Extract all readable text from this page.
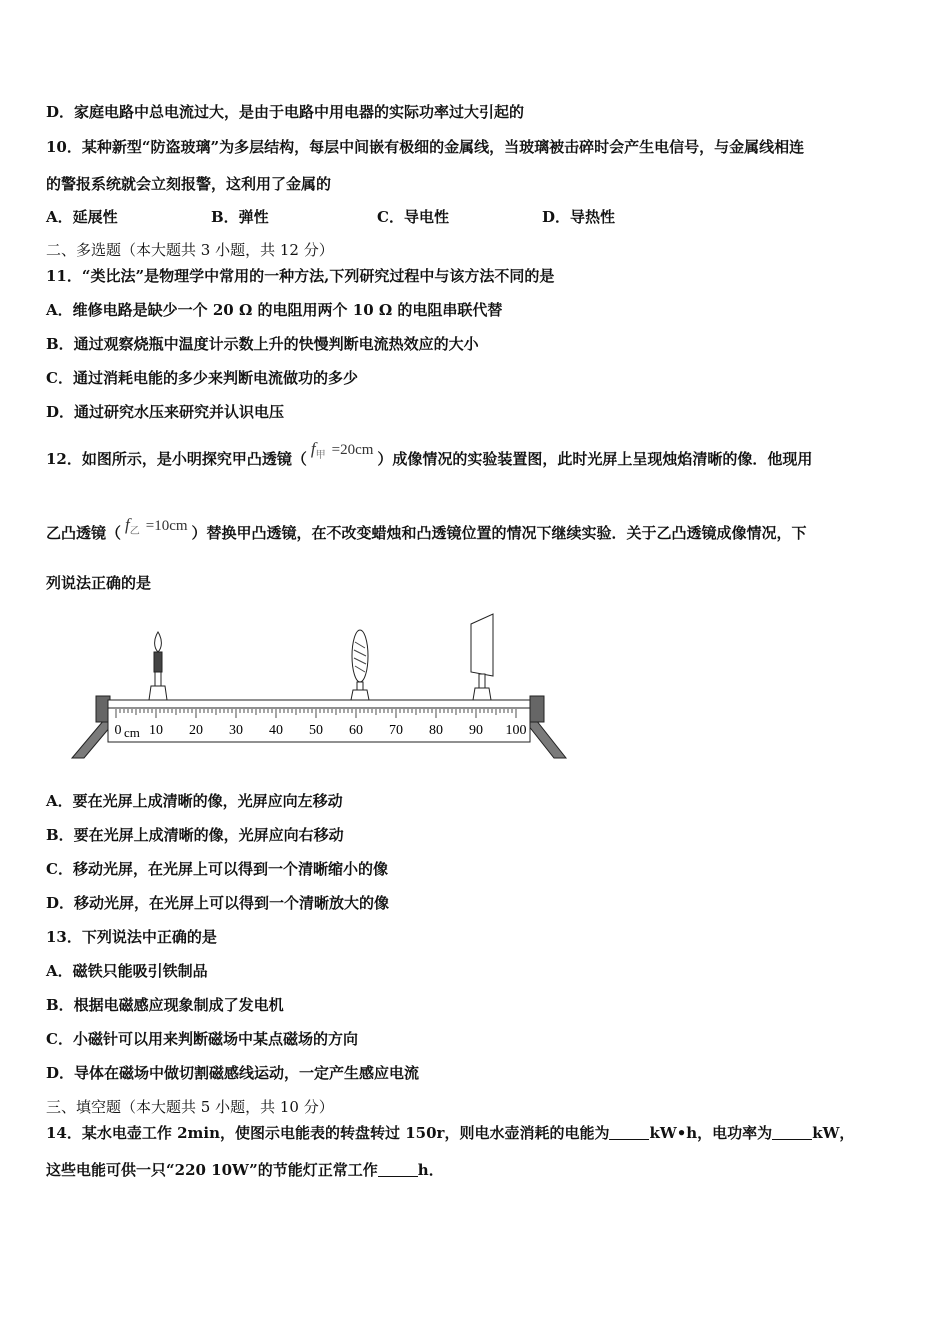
D．家庭电路中总电流过大，是由于电路中用电器的实际功率过大引起的
10．某种新型“防盗玻璃”为多层结构，每层中间嵌有极细的金属线，当玻璃被击碎时会产生电信号，与金属线相连
的警报系统就会立刻报警，这利用了金属的
A．延展性	B．弹性	C．导电性	D．导热性
二、多选题（本大题共 3 小题，共 12 分）
11．“类比法”是物理学中常用的一种方法,下列研究过程中与该方法不同的是
A．维修电路是缺少一个 20 Ω 的电阻用两个 10 Ω 的电阻串联代替
B．通过观察烧瓶中温度计示数上升的快慢判断电流热效应的大小
C．通过消耗电能的多少来判断电流做功的多少
D．通过研究水压来研究并认识电压
12．如图所示，是小明探究甲凸透镜（$f_甲 =20cm$ ）成像情况的实验装置图，此时光屏上呈现烛焰清晰的像．他现用
乙凸透镜（ $f_乙 =10cm$ ）替换甲凸透镜，在不改变蜡烛和凸透镜位置的情况下继续实验．关于乙凸透镜成像情况，下
列说法正确的是
0 10 20 30 40 50 60 70 80 90 100
cm
A．要在光屏上成清晰的像，光屏应向左移动
B．要在光屏上成清晰的像，光屏应向右移动
C．移动光屏，在光屏上可以得到一个清晰缩小的像
D．移动光屏，在光屏上可以得到一个清晰放大的像
13．下列说法中正确的是
A．磁铁只能吸引铁制品
B．根据电磁感应现象制成了发电机
C．小磁针可以用来判断磁场中某点磁场的方向
D．导体在磁场中做切割磁感线运动，一定产生感应电流
三、填空题（本大题共 5 小题，共 10 分）
14．某水电壶工作 2min，使图示电能表的转盘转过 150r，则电水壶消耗的电能为	kW•h，电功率为	kW，
这些电能可供一只“220 10W”的节能灯正常工作	h．
